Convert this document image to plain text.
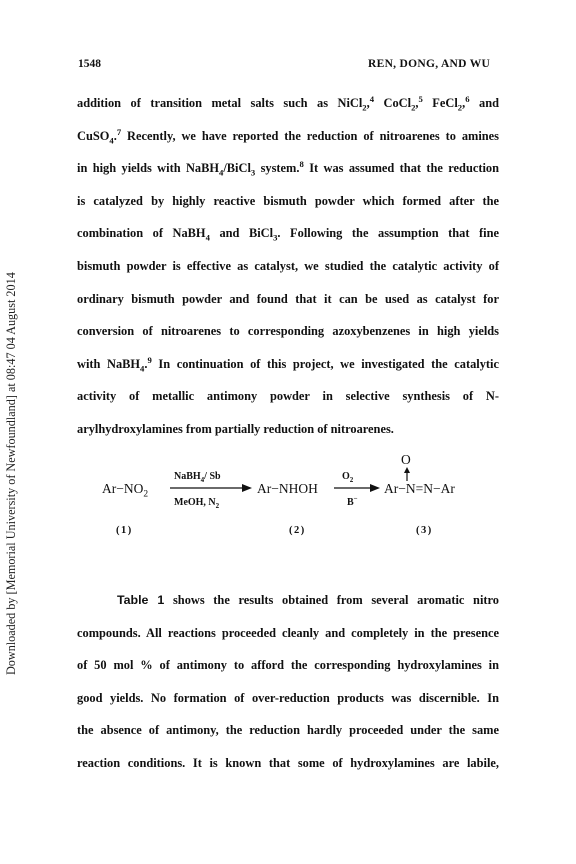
1548	REN, DONG, AND WU
Downloaded by [Memorial University of Newfoundland] at 08:47 04 August 2014
addition of transition metal salts such as NiCl$_2$,$^4$ CoCl$_2$,$^5$ FeCl$_2$,$^6$ and
CuSO$_4$.$^7$ Recently, we have reported the reduction of nitroarenes to amines
in high yields with NaBH$_4$/BiCl$_3$ system.$^8$ It was assumed that the reduction
is catalyzed by highly reactive bismuth powder which formed after the
combination of NaBH$_4$ and BiCl$_3$. Following the assumption that fine
bismuth powder is effective as catalyst, we studied the catalytic activity of
ordinary bismuth powder and found that it can be used as catalyst for
conversion of nitroarenes to corresponding azoxybenzenes in high yields
with NaBH$_4$.$^9$ In continuation of this project, we investigated the catalytic
activity of metallic antimony powder in selective synthesis of N-
arylhydroxylamines from partially reduction of nitroarenes.
$Ar-NO_2$
NaBH$_4$/ Sb
MeOH, $N_2$
Ar−NHOH
$O_2$
B−
O
Ar−N=N−Ar
(1)	(2)	(3)
Table 1 shows the results obtained from several aromatic nitro
compounds. All reactions proceeded cleanly and completely in the presence
of 50 mol % of antimony to afford the corresponding hydroxylamines in
good yields. No formation of over-reduction products was discernible. In
the absence of antimony, the reduction hardly proceeded under the same
reaction conditions. It is known that some of hydroxylamines are labile,
